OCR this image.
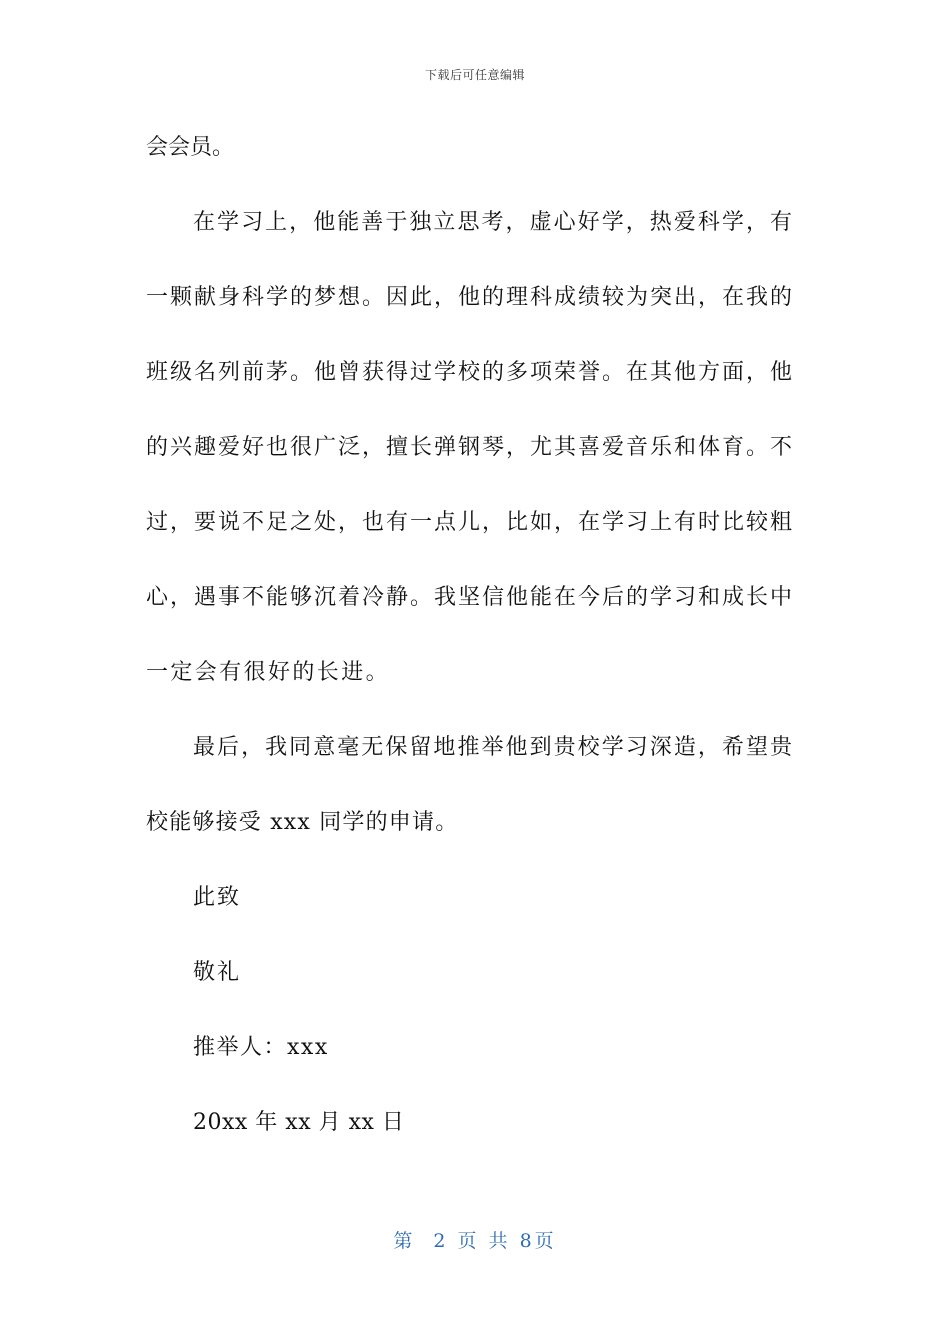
下载后可任意编辑
会会员。
在学习上，他能善于独立思考，虚心好学，热爱科学，有
一颗献身科学的梦想。因此，他的理科成绩较为突出，在我的
班级名列前茅。他曾获得过学校的多项荣誉。在其他方面，他
的兴趣爱好也很广泛，擅长弹钢琴，尤其喜爱音乐和体育。不
过，要说不足之处，也有一点儿，比如，在学习上有时比较粗
心，遇事不能够沉着冷静。我坚信他能在今后的学习和成长中
一定会有很好的长进。
最后，我同意毫无保留地推举他到贵校学习深造，希望贵
校能够接受 xxx 同学的申请。
此致
敬礼
推举人：xxx
20xx 年 xx 月 xx 日
第  2 页 共 8页
